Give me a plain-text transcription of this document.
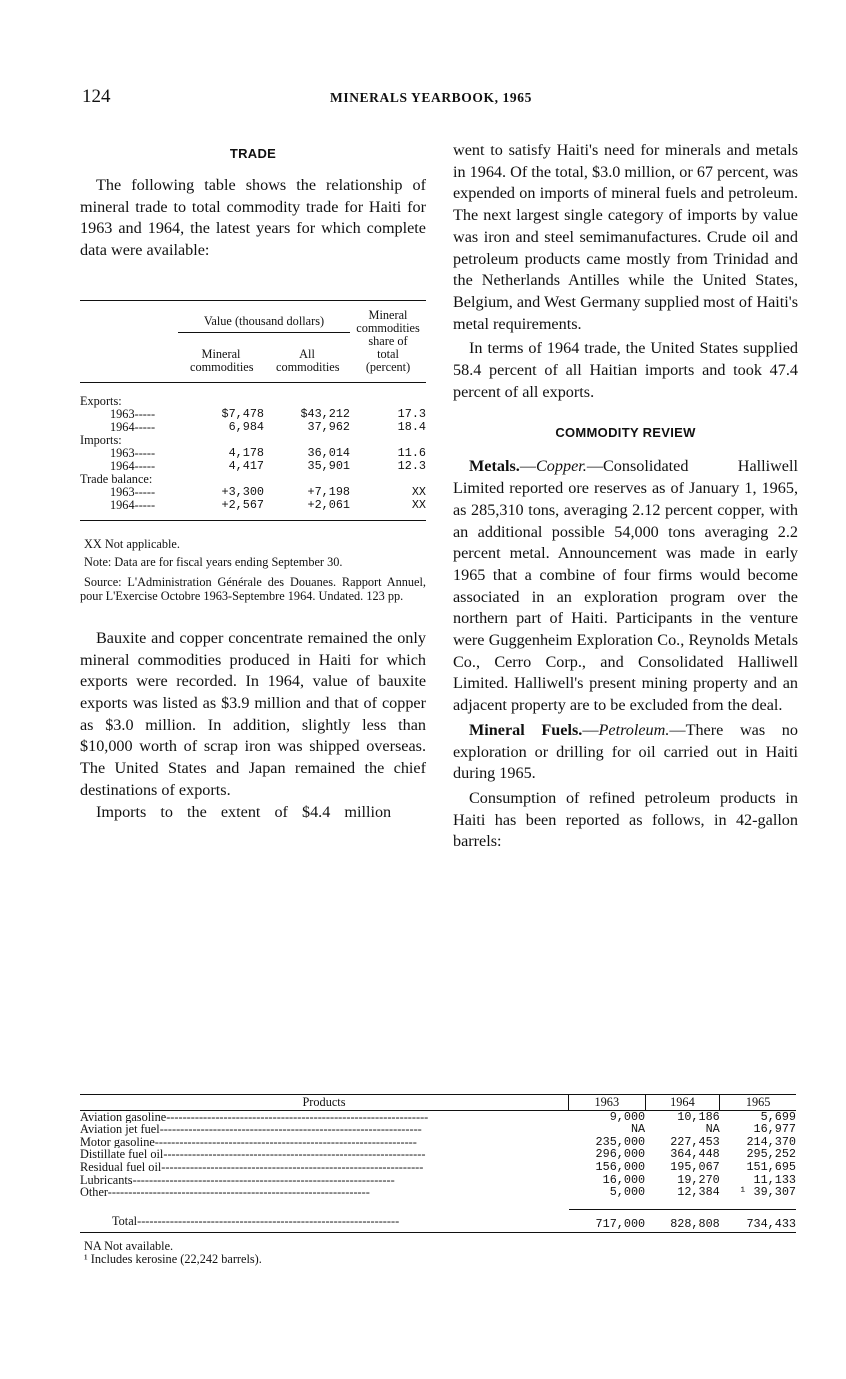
124	MINERALS YEARBOOK, 1965
TRADE

The following table shows the relationship of mineral trade to total commodity trade for Haiti for 1963 and 1964, the latest years for which complete data were available:

	Value (thousand dollars)		Mineral commodities share of total (percent)

	Mineral commodities	All commodities	

Exports:			
1963-----	$7,478	$43,212	17.3
1964-----	6,984	37,962	18.4
Imports:			
1963-----	4,178	36,014	11.6
1964-----	4,417	35,901	12.3
Trade balance:			
1963-----	+3,300	+7,198	XX
1964-----	+2,567	+2,061	XX

XX Not applicable.

Note: Data are for fiscal years ending September 30.

Source: L'Administration Générale des Douanes. Rapport Annuel, pour L'Exercise Octobre 1963-Septembre 1964. Undated. 123 pp.

Bauxite and copper concentrate remained the only mineral commodities produced in Haiti for which exports were recorded. In 1964, value of bauxite exports was listed as $3.9 million and that of copper as $3.0 million. In addition, slightly less than $10,000 worth of scrap iron was shipped overseas. The United States and Japan remained the chief destinations of exports.

Imports to the extent of $4.4 million

went to satisfy Haiti's need for minerals and metals in 1964. Of the total, $3.0 million, or 67 percent, was expended on imports of mineral fuels and petroleum. The next largest single category of imports by value was iron and steel semimanufactures. Crude oil and petroleum products came mostly from Trinidad and the Netherlands Antilles while the United States, Belgium, and West Germany supplied most of Haiti's metal requirements.

In terms of 1964 trade, the United States supplied 58.4 percent of all Haitian imports and took 47.4 percent of all exports.

COMMODITY REVIEW

Metals.—Copper.—Consolidated Halliwell Limited reported ore reserves as of January 1, 1965, as 285,310 tons, averaging 2.12 percent copper, with an additional possible 54,000 tons averaging 2.2 percent metal. Announcement was made in early 1965 that a combine of four firms would become associated in an exploration program over the northern part of Haiti. Participants in the venture were Guggenheim Exploration Co., Reynolds Metals Co., Cerro Corp., and Consolidated Halliwell Limited. Halliwell's present mining property and an adjacent property are to be excluded from the deal.

Mineral Fuels.—Petroleum.—There was no exploration or drilling for oil carried out in Haiti during 1965.

Consumption of refined petroleum products in Haiti has been reported as follows, in 42-gallon barrels:

Products	1963	1964	1965
Aviation gasoline----------------------------------------------------------------	9,000	10,186	5,699
Aviation jet fuel----------------------------------------------------------------	NA	NA	16,977
Motor gasoline----------------------------------------------------------------	235,000	227,453	214,370
Distillate fuel oil----------------------------------------------------------------	296,000	364,448	295,252
Residual fuel oil----------------------------------------------------------------	156,000	195,067	151,695
Lubricants----------------------------------------------------------------	16,000	19,270	11,133
Other----------------------------------------------------------------	5,000	12,384	¹ 39,307
Total----------------------------------------------------------------	717,000	828,808	734,433
NA Not available.
¹ Includes kerosine (22,242 barrels).
